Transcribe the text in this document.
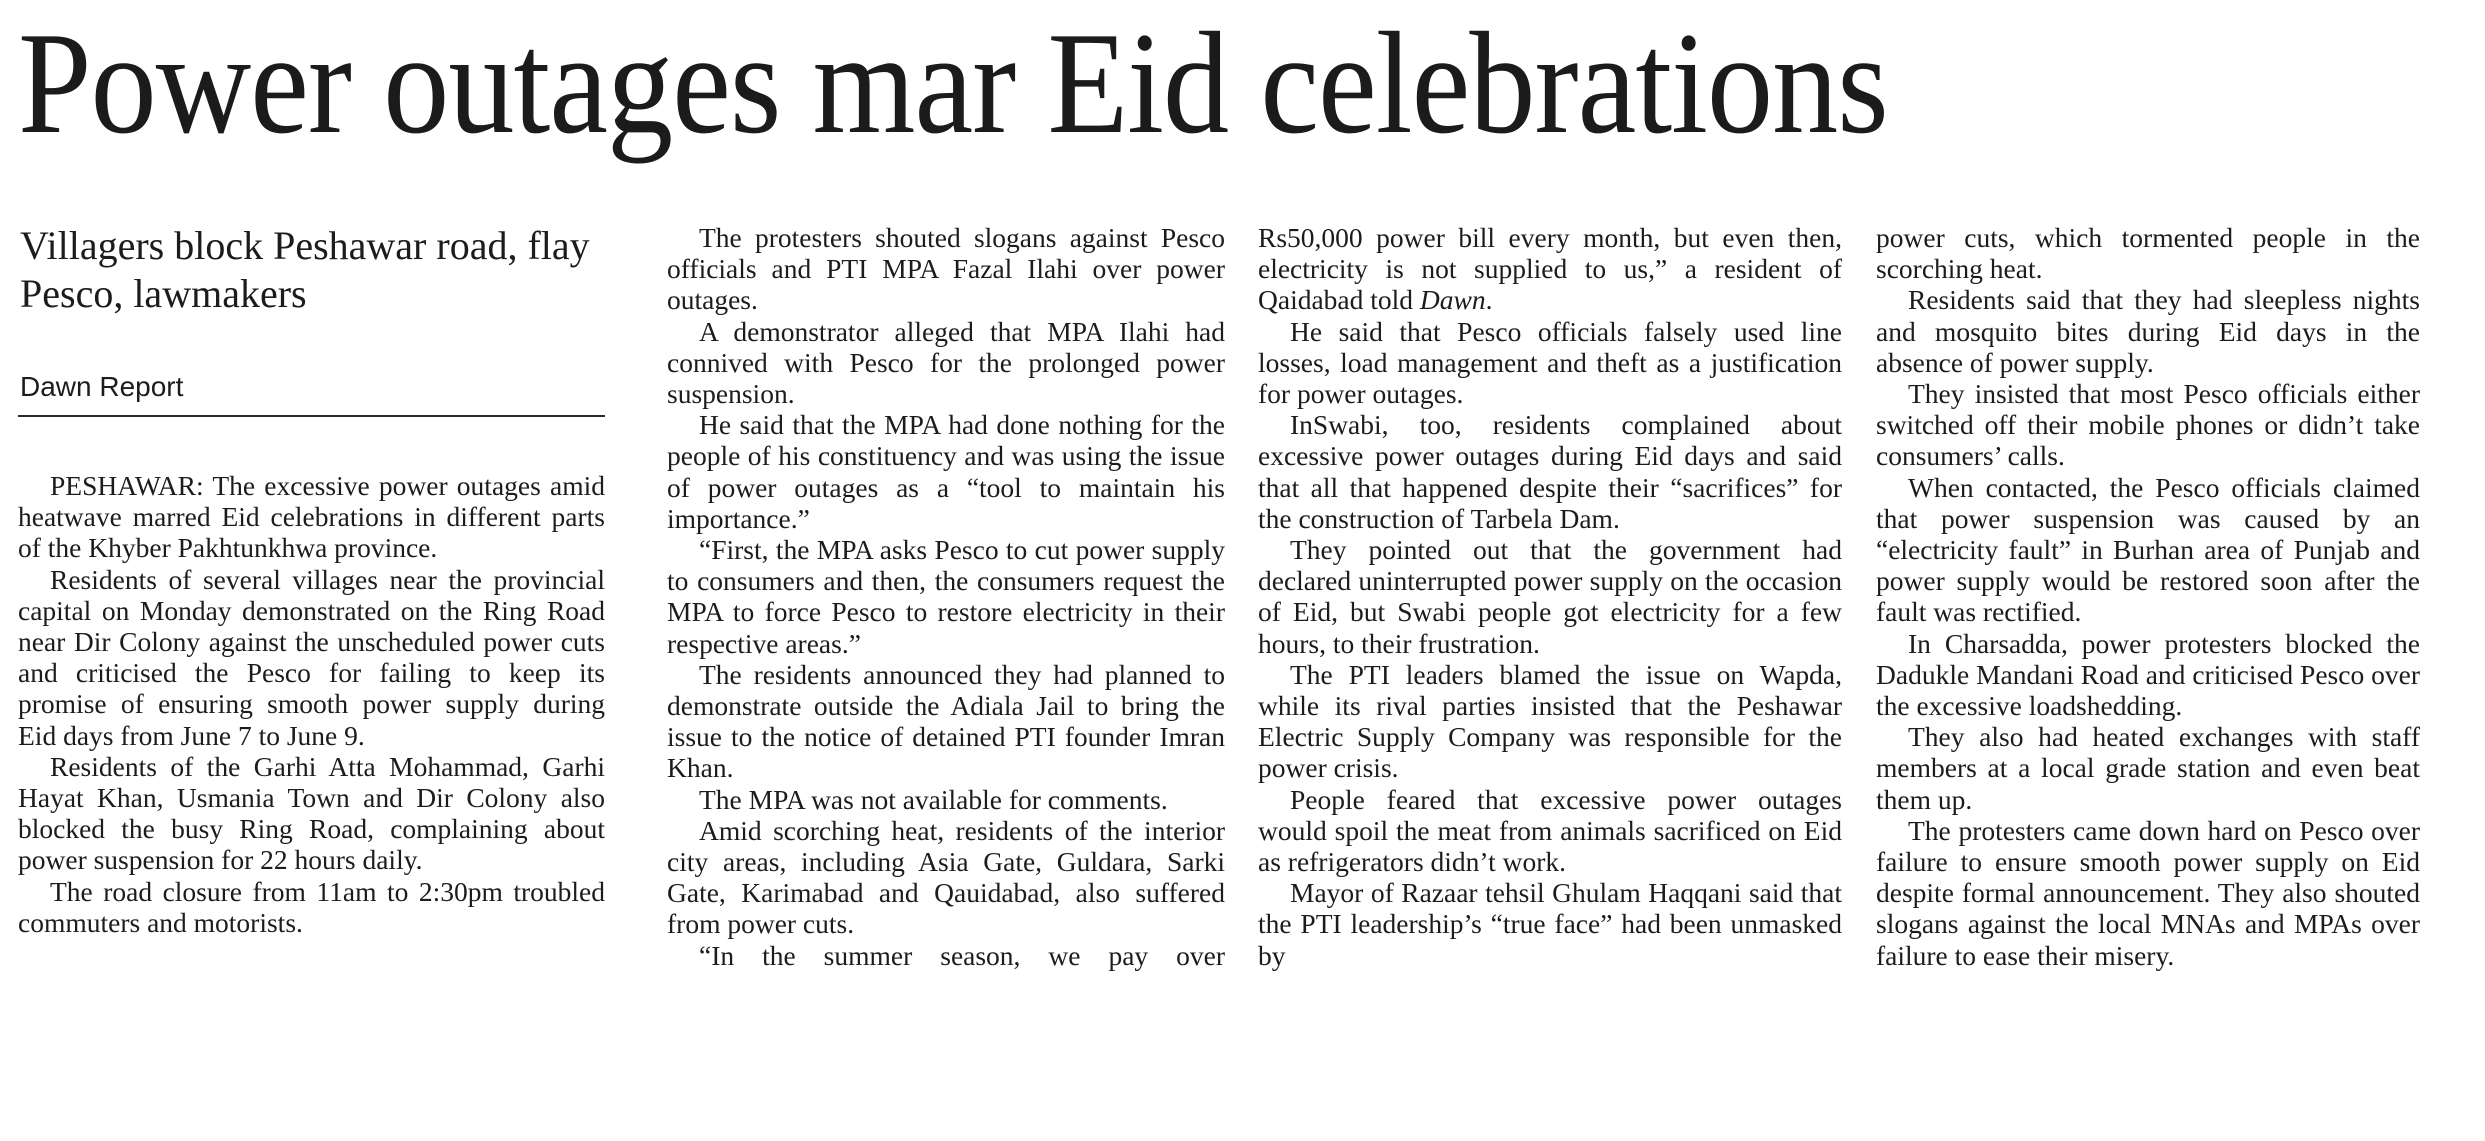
Power outages mar Eid celebrations
Villagers block Peshawar road, flay Pesco, lawmakers
Dawn Report

PESHAWAR: The excessive power outages amid heatwave marred Eid celebrations in different parts of the Khyber Pakhtunkhwa province.

Residents of several villages near the provincial capital on Monday demonstrated on the Ring Road near Dir Colony against the unscheduled power cuts and criticised the Pesco for failing to keep its promise of ensuring smooth power supply during Eid days from June 7 to June 9.

Residents of the Garhi Atta Mohammad, Garhi Hayat Khan, Usmania Town and Dir Colony also blocked the busy Ring Road, complaining about power suspension for 22 hours daily.

The road closure from 11am to 2:30pm troubled commuters and motorists.

The protesters shouted slogans against Pesco officials and PTI MPA Fazal Ilahi over power outages.

A demonstrator alleged that MPA Ilahi had connived with Pesco for the prolonged power suspension.

He said that the MPA had done nothing for the people of his constituency and was using the issue of power outages as a “tool to maintain his importance.”

“First, the MPA asks Pesco to cut power supply to consumers and then, the consumers request the MPA to force Pesco to restore electricity in their respective areas.”

The residents announced they had planned to demonstrate outside the Adiala Jail to bring the issue to the notice of detained PTI founder Imran Khan.

The MPA was not available for comments.

Amid scorching heat, residents of the interior city areas, including Asia Gate, Guldara, Sarki Gate, Karimabad and Qauidabad, also suffered from power cuts.

“In the summer season, we pay over

Rs50,000 power bill every month, but even then, electricity is not supplied to us,” a resident of Qaidabad told Dawn.

He said that Pesco officials falsely used line losses, load management and theft as a justification for power outages.

InSwabi, too, residents complained about excessive power outages during Eid days and said that all that happened despite their “sacrifices” for the construction of Tarbela Dam.

They pointed out that the government had declared uninterrupted power supply on the occasion of Eid, but Swabi people got electricity for a few hours, to their frustration.

The PTI leaders blamed the issue on Wapda, while its rival parties insisted that the Peshawar Electric Supply Company was responsible for the power crisis.

People feared that excessive power outages would spoil the meat from animals sacrificed on Eid as refrigerators didn’t work.

Mayor of Razaar tehsil Ghulam Haqqani said that the PTI leadership’s “true face” had been unmasked by

power cuts, which tormented people in the scorching heat.

Residents said that they had sleepless nights and mosquito bites during Eid days in the absence of power supply.

They insisted that most Pesco officials either switched off their mobile phones or didn’t take consumers’ calls.

When contacted, the Pesco officials claimed that power suspension was caused by an “electricity fault” in Burhan area of Punjab and power supply would be restored soon after the fault was rectified.

In Charsadda, power protesters blocked the Dadukle Mandani Road and criticised Pesco over the excessive loadshedding.

They also had heated exchanges with staff members at a local grade station and even beat them up.

The protesters came down hard on Pesco over failure to ensure smooth power supply on Eid despite formal announcement. They also shouted slogans against the local MNAs and MPAs over failure to ease their misery.
